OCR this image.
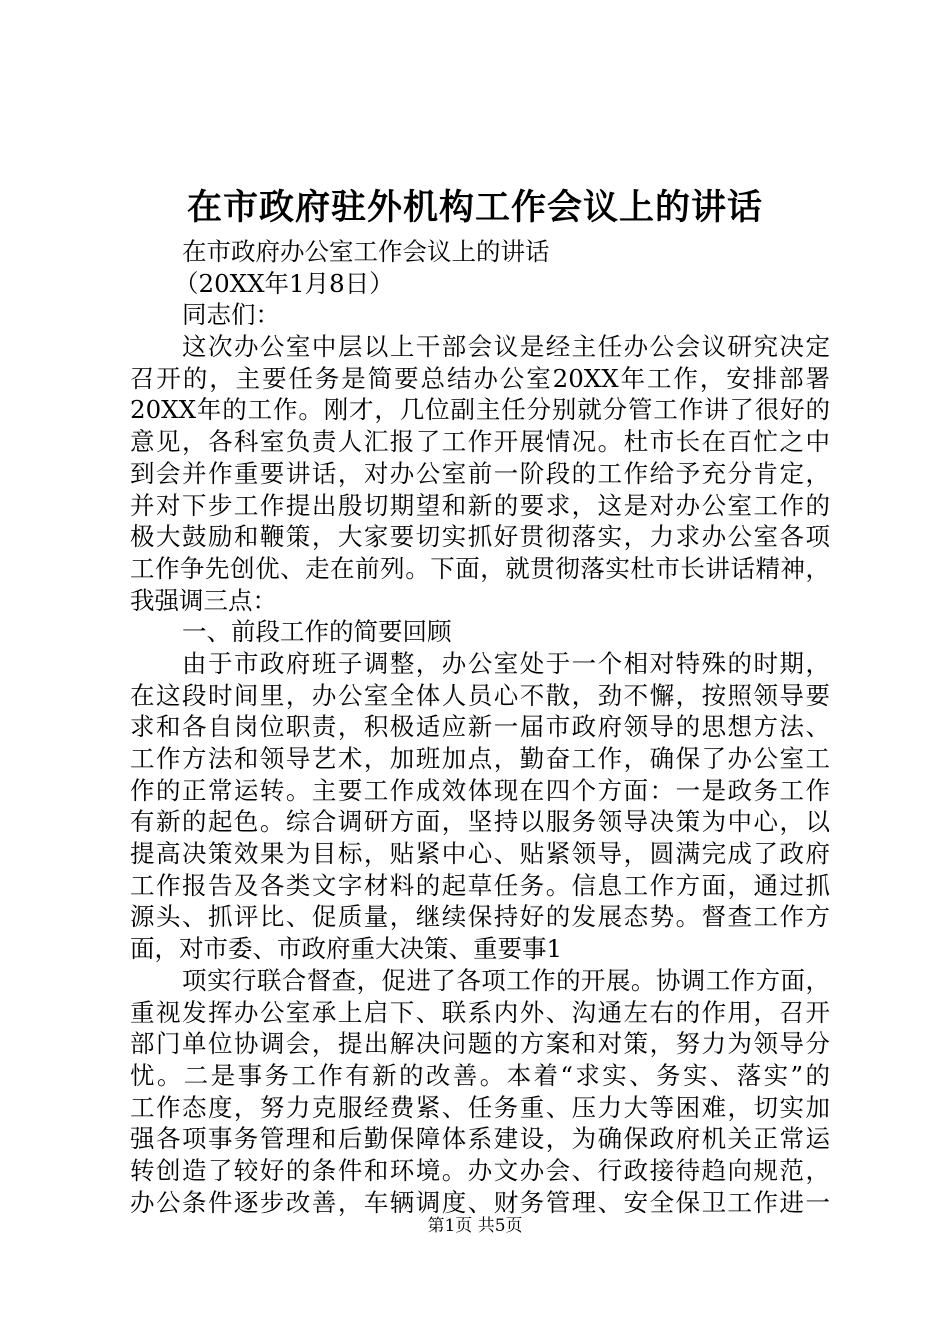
在市政府驻外机构工作会议上的讲话
在市政府办公室工作会议上的讲话
（20XX年1月8日）
同志们：
这次办公室中层以上干部会议是经主任办公会议研究决定
召开的，主要任务是简要总结办公室20XX年工作，安排部署
20XX年的工作。刚才，几位副主任分别就分管工作讲了很好的
意见，各科室负责人汇报了工作开展情况。杜市长在百忙之中
到会并作重要讲话，对办公室前一阶段的工作给予充分肯定，
并对下步工作提出殷切期望和新的要求，这是对办公室工作的
极大鼓励和鞭策，大家要切实抓好贯彻落实，力求办公室各项
工作争先创优、走在前列。下面，就贯彻落实杜市长讲话精神，
我强调三点：
一、前段工作的简要回顾
由于市政府班子调整，办公室处于一个相对特殊的时期，
在这段时间里，办公室全体人员心不散，劲不懈，按照领导要
求和各自岗位职责，积极适应新一届市政府领导的思想方法、
工作方法和领导艺术，加班加点，勤奋工作，确保了办公室工
作的正常运转。主要工作成效体现在四个方面：一是政务工作
有新的起色。综合调研方面，坚持以服务领导决策为中心，以
提高决策效果为目标，贴紧中心、贴紧领导，圆满完成了政府
工作报告及各类文字材料的起草任务。信息工作方面，通过抓
源头、抓评比、促质量，继续保持好的发展态势。督查工作方
面，对市委、市政府重大决策、重要事1
项实行联合督查，促进了各项工作的开展。协调工作方面，
重视发挥办公室承上启下、联系内外、沟通左右的作用，召开
部门单位协调会，提出解决问题的方案和对策，努力为领导分
忧。二是事务工作有新的改善。本着“求实、务实、落实”的
工作态度，努力克服经费紧、任务重、压力大等困难，切实加
强各项事务管理和后勤保障体系建设，为确保政府机关正常运
转创造了较好的条件和环境。办文办会、行政接待趋向规范，
办公条件逐步改善，车辆调度、财务管理、安全保卫工作进一
第1页 共5页
